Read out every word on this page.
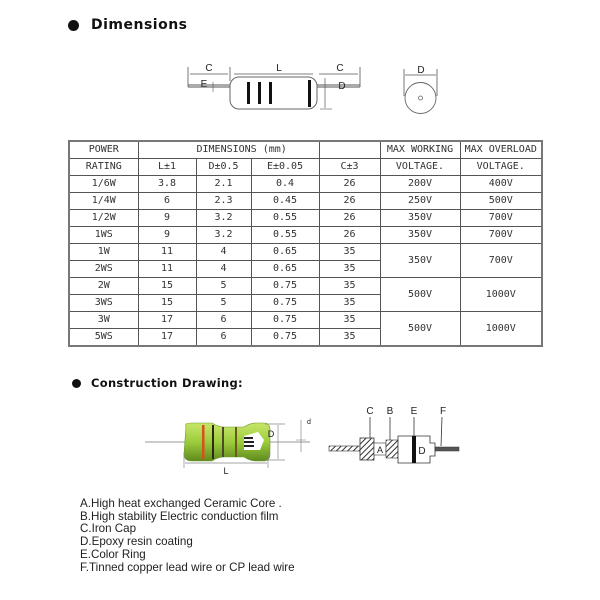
Dimensions
C
E
L	C
D
D
POWER	DIMENSIONS (mm)				MAX WORKING	MAX OVERLOAD
RATING	L±1	D±0.5	E±0.05	C±3	VOLTAGE.	VOLTAGE.
1/6W	3.8	2.1	0.4	26	200V	400V
1/4W	6	2.3	0.45	26	250V	500V
1/2W	9	3.2	0.55	26	350V	700V
1WS	9	3.2	0.55	26	350V	700V
1W	11	4	0.65	35	350V	700V
2WS	11	4	0.65	35		
2W	15	5	0.75	35	500V	1000V
3WS	15	5	0.75	35		
3W	17	6	0.75	35	500V	1000V
5WS	17	6	0.75	35		
Construction Drawing:
D
d
L
C B E F
A	D
A.High heat exchanged Ceramic Core .
B.High stability Electric conduction film
C.Iron Cap
D.Epoxy resin coating
E.Color Ring
F.Tinned copper lead wire or CP lead wire
